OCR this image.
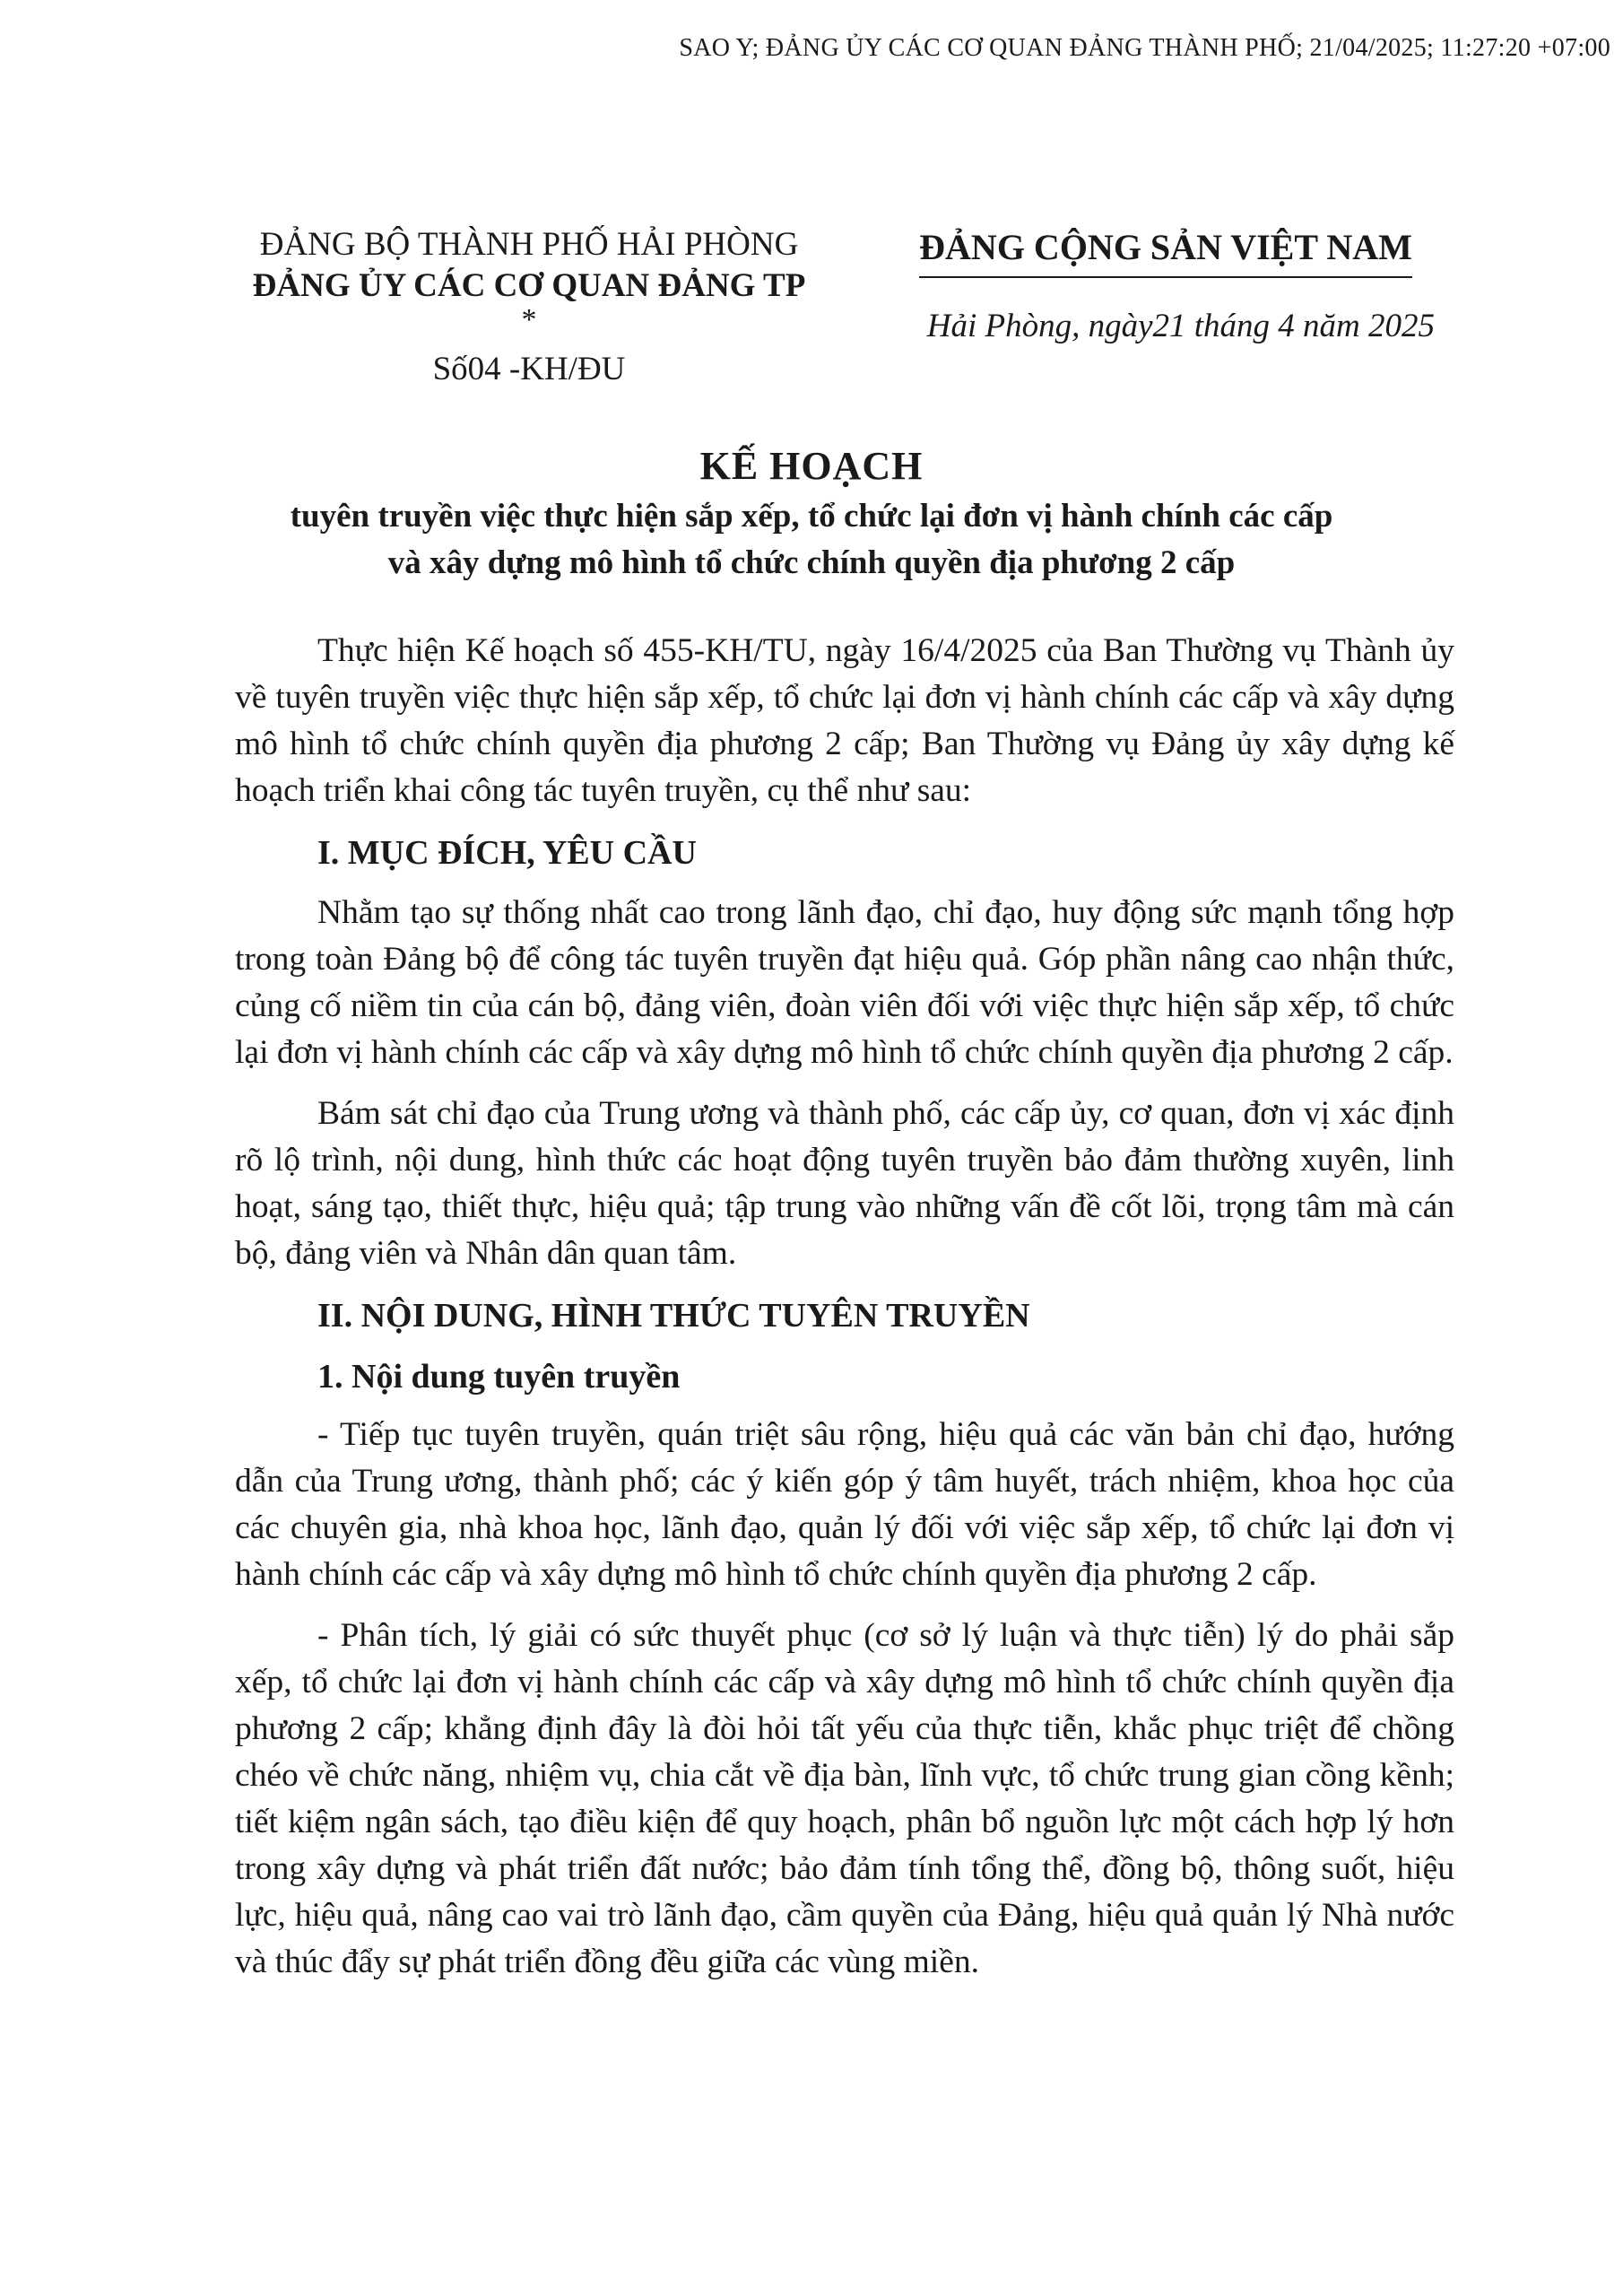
SAO Y; ĐẢNG ỦY CÁC CƠ QUAN ĐẢNG THÀNH PHỐ; 21/04/2025; 11:27:20 +07:00
ĐẢNG BỘ THÀNH PHỐ HẢI PHÒNG
ĐẢNG ỦY CÁC CƠ QUAN ĐẢNG TP
*
Số04 -KH/ĐU
ĐẢNG CỘNG SẢN VIỆT NAM
Hải Phòng, ngày21 tháng 4 năm 2025
KẾ HOẠCH
tuyên truyền việc thực hiện sắp xếp, tổ chức lại đơn vị hành chính các cấp
và xây dựng mô hình tổ chức chính quyền địa phương 2 cấp

Thực hiện Kế hoạch số 455-KH/TU, ngày 16/4/2025 của Ban Thường vụ Thành ủy về tuyên truyền việc thực hiện sắp xếp, tổ chức lại đơn vị hành chính các cấp và xây dựng mô hình tổ chức chính quyền địa phương 2 cấp; Ban Thường vụ Đảng ủy xây dựng kế hoạch triển khai công tác tuyên truyền, cụ thể như sau:

I. MỤC ĐÍCH, YÊU CẦU

Nhằm tạo sự thống nhất cao trong lãnh đạo, chỉ đạo, huy động sức mạnh tổng hợp trong toàn Đảng bộ để công tác tuyên truyền đạt hiệu quả. Góp phần nâng cao nhận thức, củng cố niềm tin của cán bộ, đảng viên, đoàn viên đối với việc thực hiện sắp xếp, tổ chức lại đơn vị hành chính các cấp và xây dựng mô hình tổ chức chính quyền địa phương 2 cấp.

Bám sát chỉ đạo của Trung ương và thành phố, các cấp ủy, cơ quan, đơn vị xác định rõ lộ trình, nội dung, hình thức các hoạt động tuyên truyền bảo đảm thường xuyên, linh hoạt, sáng tạo, thiết thực, hiệu quả; tập trung vào những vấn đề cốt lõi, trọng tâm mà cán bộ, đảng viên và Nhân dân quan tâm.

II. NỘI DUNG, HÌNH THỨC TUYÊN TRUYỀN
1. Nội dung tuyên truyền

- Tiếp tục tuyên truyền, quán triệt sâu rộng, hiệu quả các văn bản chỉ đạo, hướng dẫn của Trung ương, thành phố; các ý kiến góp ý tâm huyết, trách nhiệm, khoa học của các chuyên gia, nhà khoa học, lãnh đạo, quản lý đối với việc sắp xếp, tổ chức lại đơn vị hành chính các cấp và xây dựng mô hình tổ chức chính quyền địa phương 2 cấp.

- Phân tích, lý giải có sức thuyết phục (cơ sở lý luận và thực tiễn) lý do phải sắp xếp, tổ chức lại đơn vị hành chính các cấp và xây dựng mô hình tổ chức chính quyền địa phương 2 cấp; khẳng định đây là đòi hỏi tất yếu của thực tiễn, khắc phục triệt để chồng chéo về chức năng, nhiệm vụ, chia cắt về địa bàn, lĩnh vực, tổ chức trung gian cồng kềnh; tiết kiệm ngân sách, tạo điều kiện để quy hoạch, phân bổ nguồn lực một cách hợp lý hơn trong xây dựng và phát triển đất nước; bảo đảm tính tổng thể, đồng bộ, thông suốt, hiệu lực, hiệu quả, nâng cao vai trò lãnh đạo, cầm quyền của Đảng, hiệu quả quản lý Nhà nước và thúc đẩy sự phát triển đồng đều giữa các vùng miền.
